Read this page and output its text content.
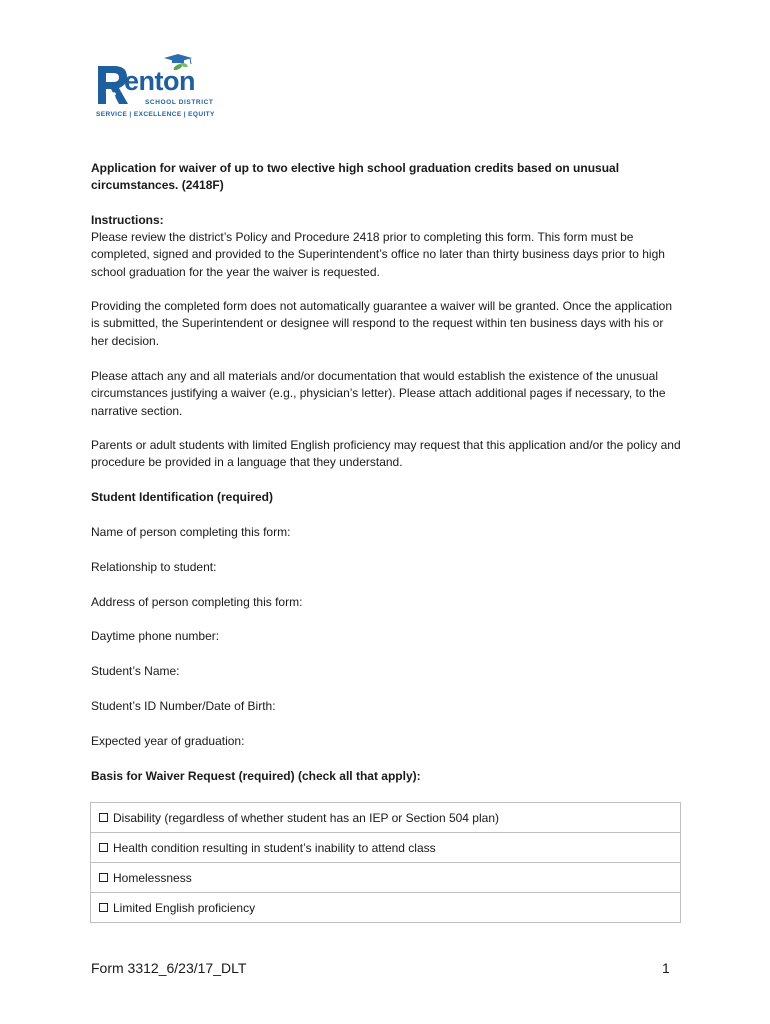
enton
SCHOOL DISTRICT
SERVICE | EXCELLENCE | EQUITY

Application for waiver of up to two elective high school graduation credits based on unusual circumstances. (2418F)

Instructions:

Please review the district’s Policy and Procedure 2418 prior to completing this form. This form must be completed, signed and provided to the Superintendent’s office no later than thirty business days prior to high school graduation for the year the waiver is requested.

Providing the completed form does not automatically guarantee a waiver will be granted. Once the application is submitted, the Superintendent or designee will respond to the request within ten business days with his or her decision.

Please attach any and all materials and/or documentation that would establish the existence of the unusual circumstances justifying a waiver (e.g., physician’s letter). Please attach additional pages if necessary, to the narrative section.

Parents or adult students with limited English proficiency may request that this application and/or the policy and procedure be provided in a language that they understand.

Student Identification (required)

Name of person completing this form:

Relationship to student:

Address of person completing this form:

Daytime phone number:

Student’s Name:

Student’s ID Number/Date of Birth:

Expected year of graduation:

Basis for Waiver Request (required) (check all that apply):

Disability (regardless of whether student has an IEP or Section 504 plan)
Health condition resulting in student’s inability to attend class
Homelessness
Limited English proficiency
Form 3312_6/23/17_DLT	1
